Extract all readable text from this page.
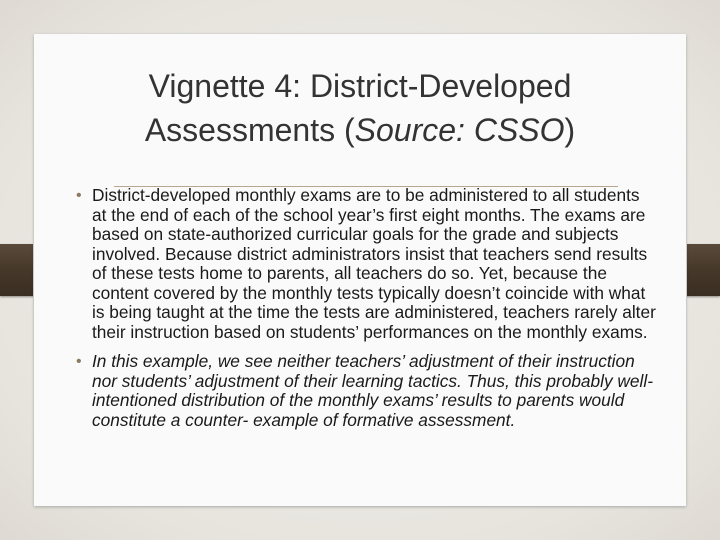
Vignette 4: District-Developed
Assessments (Source: CSSO)
• District-developed monthly exams are to be administered to all students at the end of each of the school year’s first eight months. The exams are based on state-authorized curricular goals for the grade and subjects involved. Because district administrators insist that teachers send results of these tests home to parents, all teachers do so. Yet, because the content covered by the monthly tests typically doesn’t coincide with what is being taught at the time the tests are administered, teachers rarely alter their instruction based on students’ performances on the monthly exams.
• In this example, we see neither teachers’ adjustment of their instruction nor students’ adjustment of their learning tactics. Thus, this probably well-intentioned distribution of the monthly exams’ results to parents would constitute a counter- example of formative assessment.
